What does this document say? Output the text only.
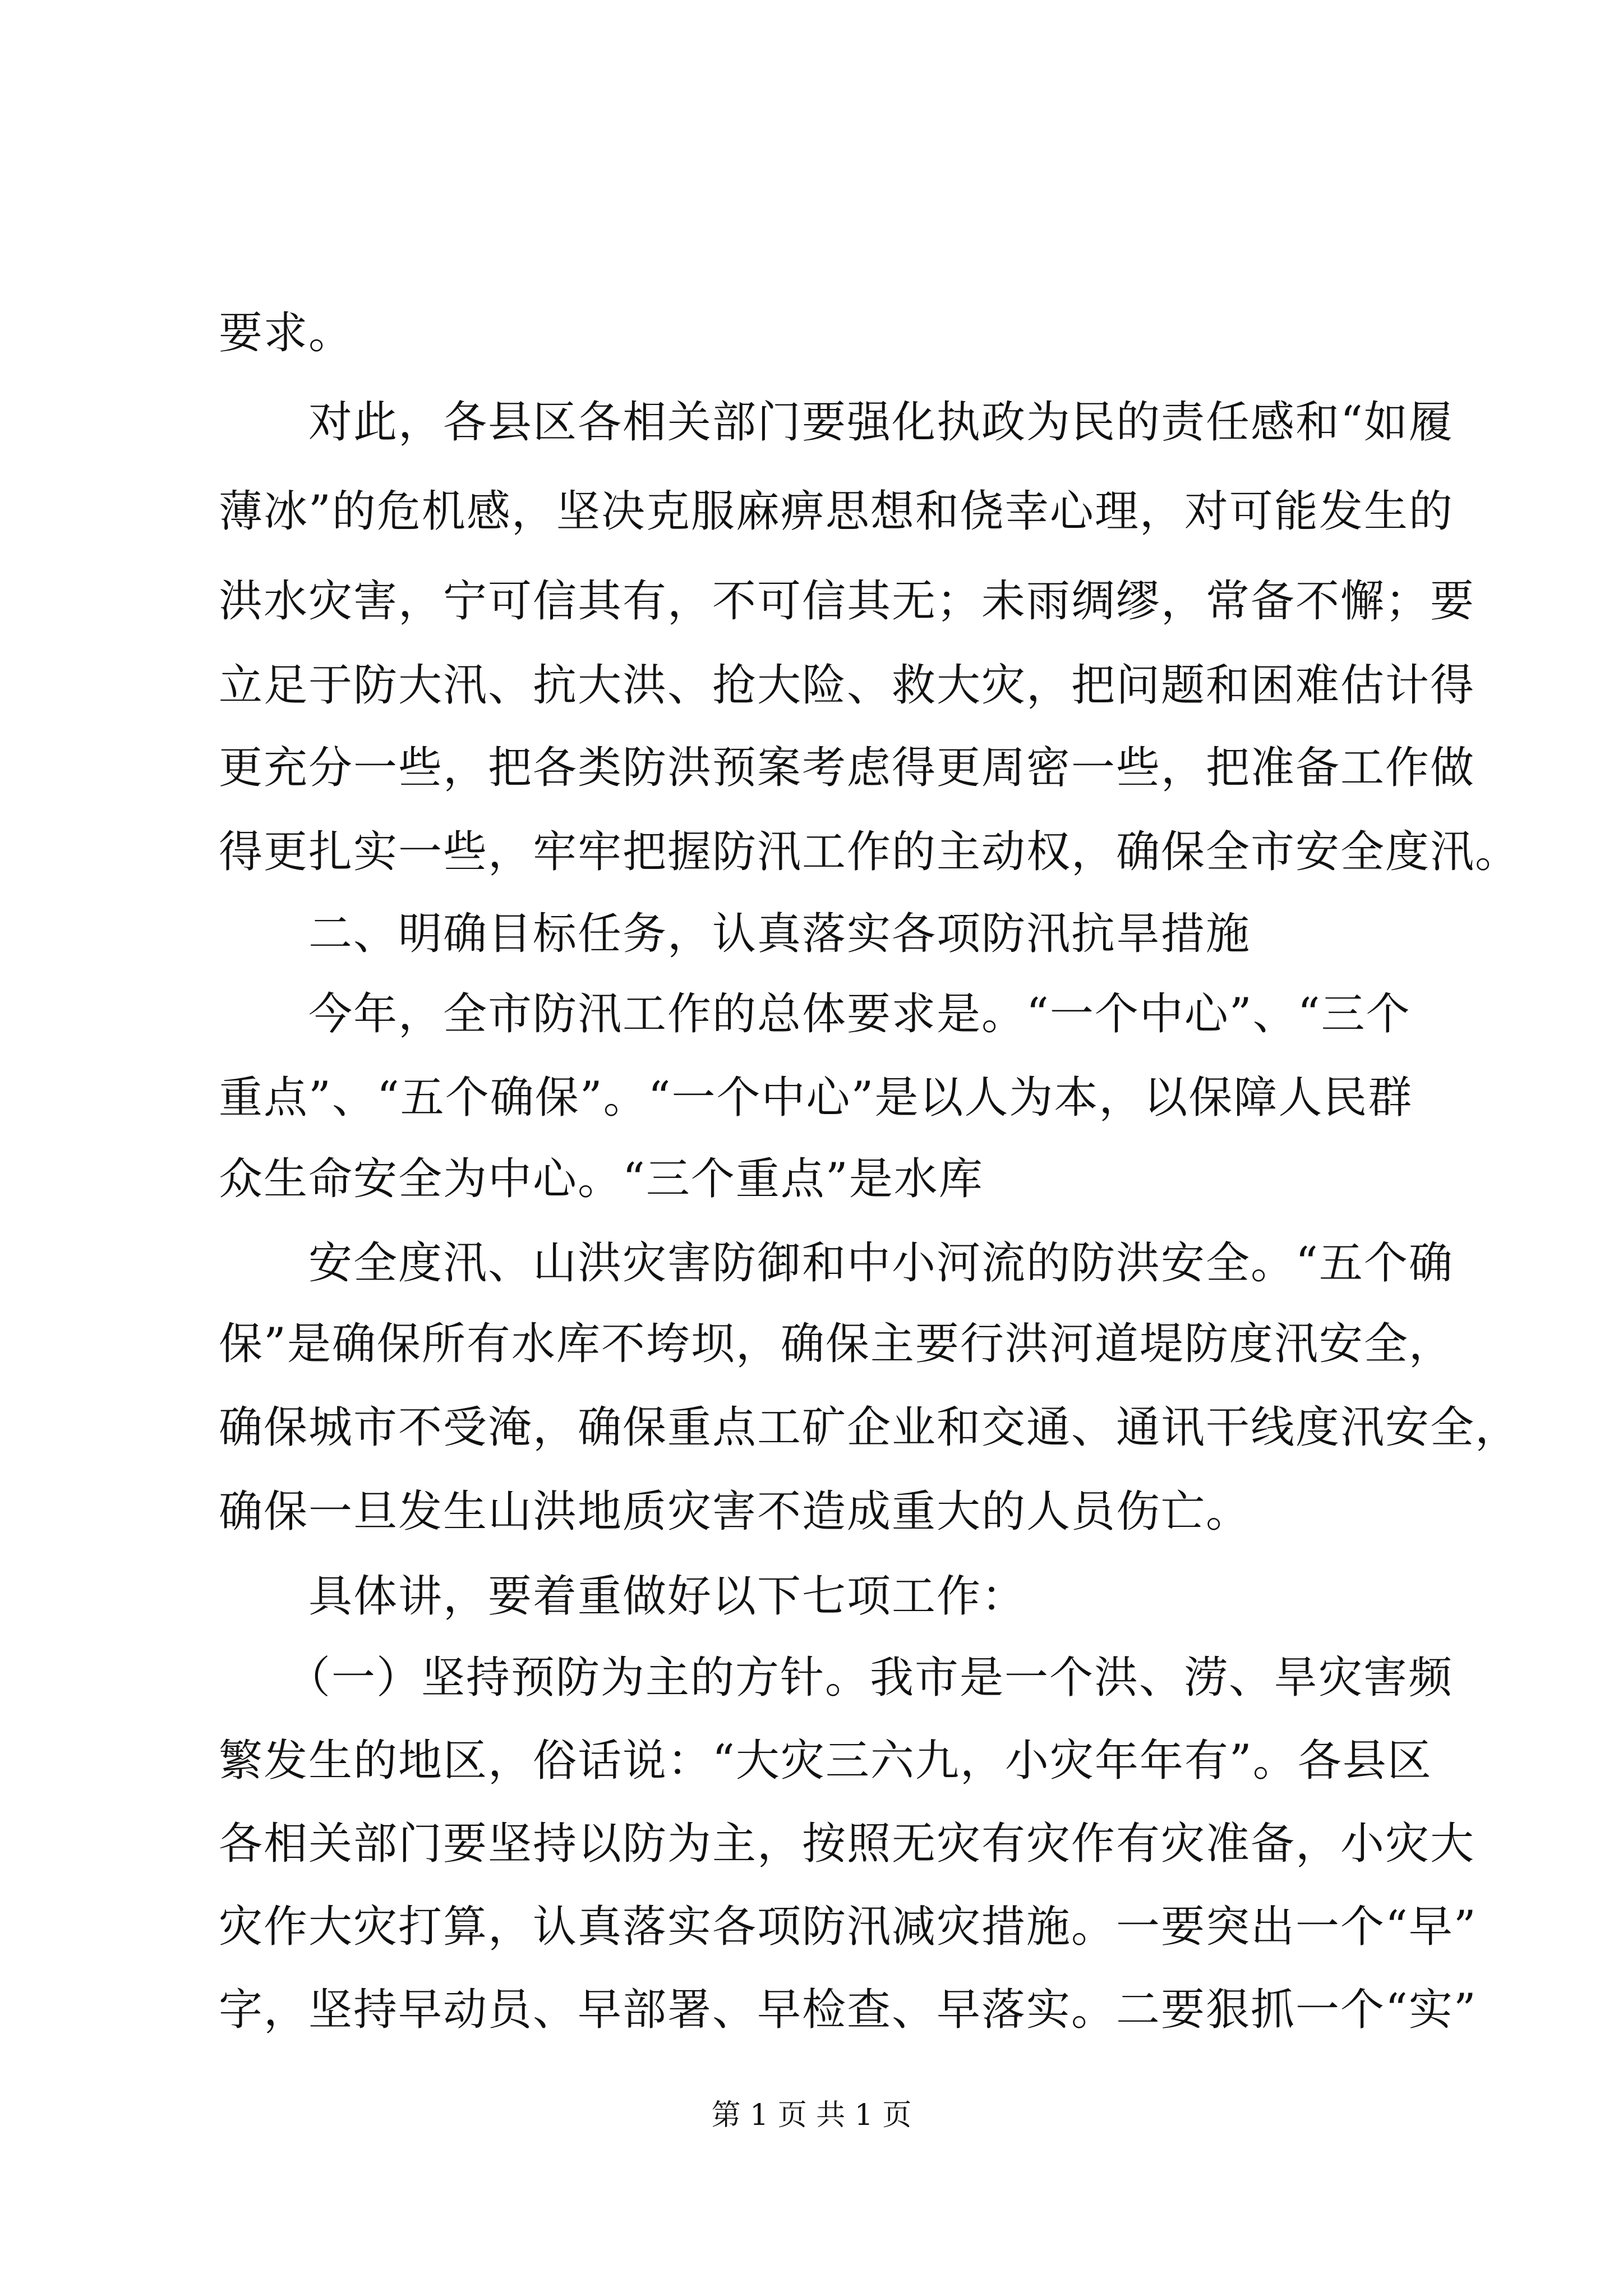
要求。
　　对此，各县区各相关部门要强化执政为民的责任感和“如履
薄冰”的危机感，坚决克服麻痹思想和侥幸心理，对可能发生的
洪水灾害，宁可信其有，不可信其无；未雨绸缪，常备不懈；要
立足于防大汛、抗大洪、抢大险、救大灾，把问题和困难估计得
更充分一些，把各类防洪预案考虑得更周密一些，把准备工作做
得更扎实一些，牢牢把握防汛工作的主动权，确保全市安全度汛。
　　二、明确目标任务，认真落实各项防汛抗旱措施
　　今年，全市防汛工作的总体要求是。“一个中心”、“三个
重点”、“五个确保”。“一个中心”是以人为本，以保障人民群
众生命安全为中心。“三个重点”是水库
　　安全度汛、山洪灾害防御和中小河流的防洪安全。“五个确
保”是确保所有水库不垮坝，确保主要行洪河道堤防度汛安全，
确保城市不受淹，确保重点工矿企业和交通、通讯干线度汛安全，
确保一旦发生山洪地质灾害不造成重大的人员伤亡。
　　具体讲，要着重做好以下七项工作：
　　（一）坚持预防为主的方针。我市是一个洪、涝、旱灾害频
繁发生的地区，俗话说：“大灾三六九，小灾年年有”。各县区
各相关部门要坚持以防为主，按照无灾有灾作有灾准备，小灾大
灾作大灾打算，认真落实各项防汛减灾措施。一要突出一个“早”
字，坚持早动员、早部署、早检查、早落实。二要狠抓一个“实”
第 1 页 共 1 页
